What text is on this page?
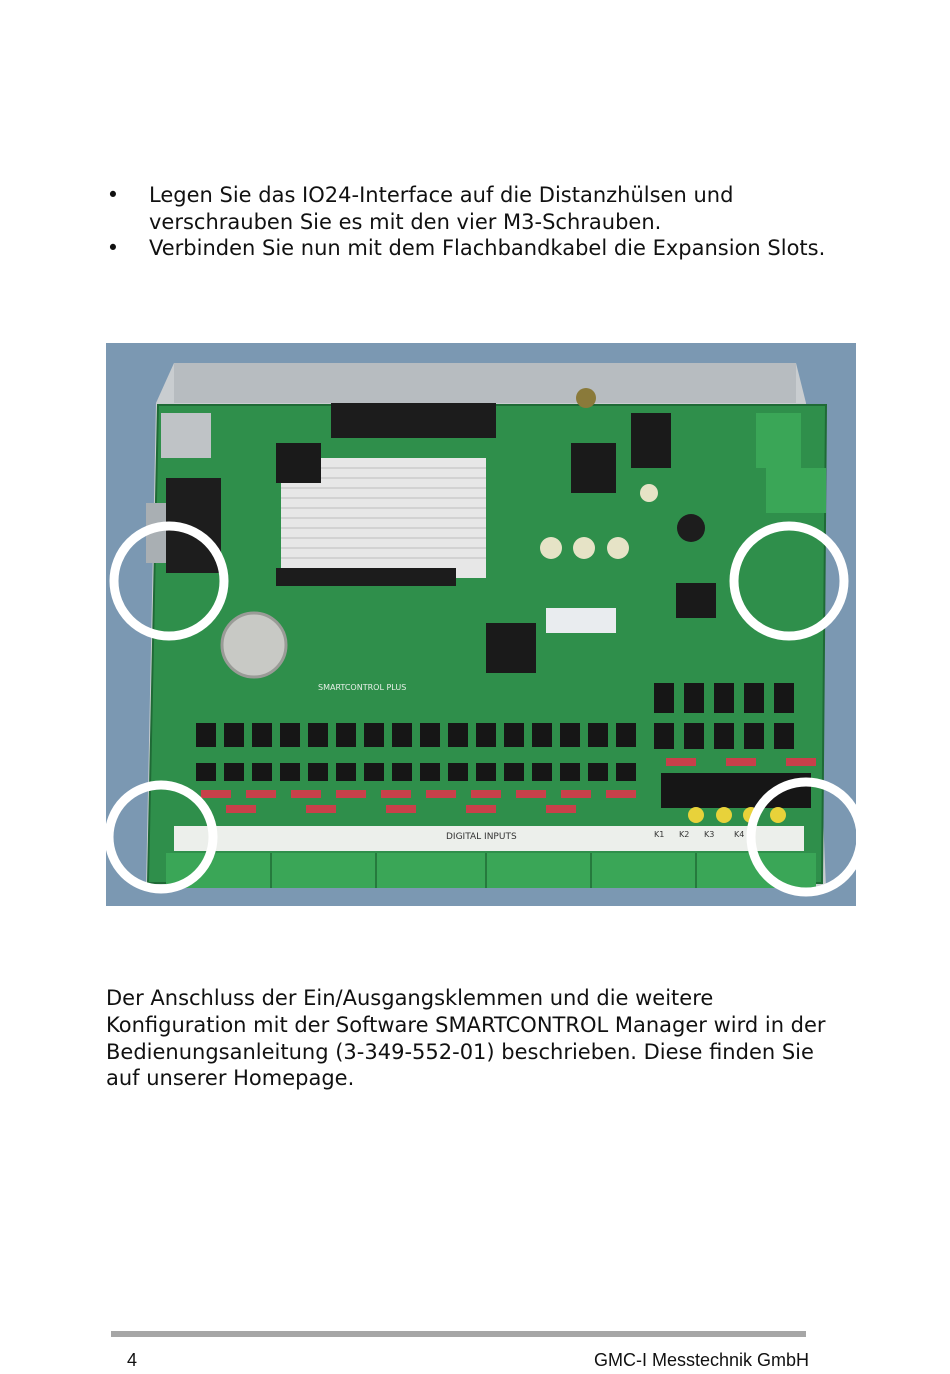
• Legen Sie das IO24-Interface auf die Distanzhülsen und verschrauben Sie es mit den vier M3-Schrauben.
• Verbinden Sie nun mit dem Flachbandkabel die Expansion Slots.
SMARTCONTROL PLUS
DIGITAL INPUTS	K1 K2 K3 K4

Der Anschluss der Ein/Ausgangsklemmen und die weitere Konfiguration mit der Software SMARTCONTROL Manager wird in der Bedienungsanleitung (3-349-552-01) beschrieben. Diese finden Sie auf unserer Homepage.

4	GMC-I Messtechnik GmbH
